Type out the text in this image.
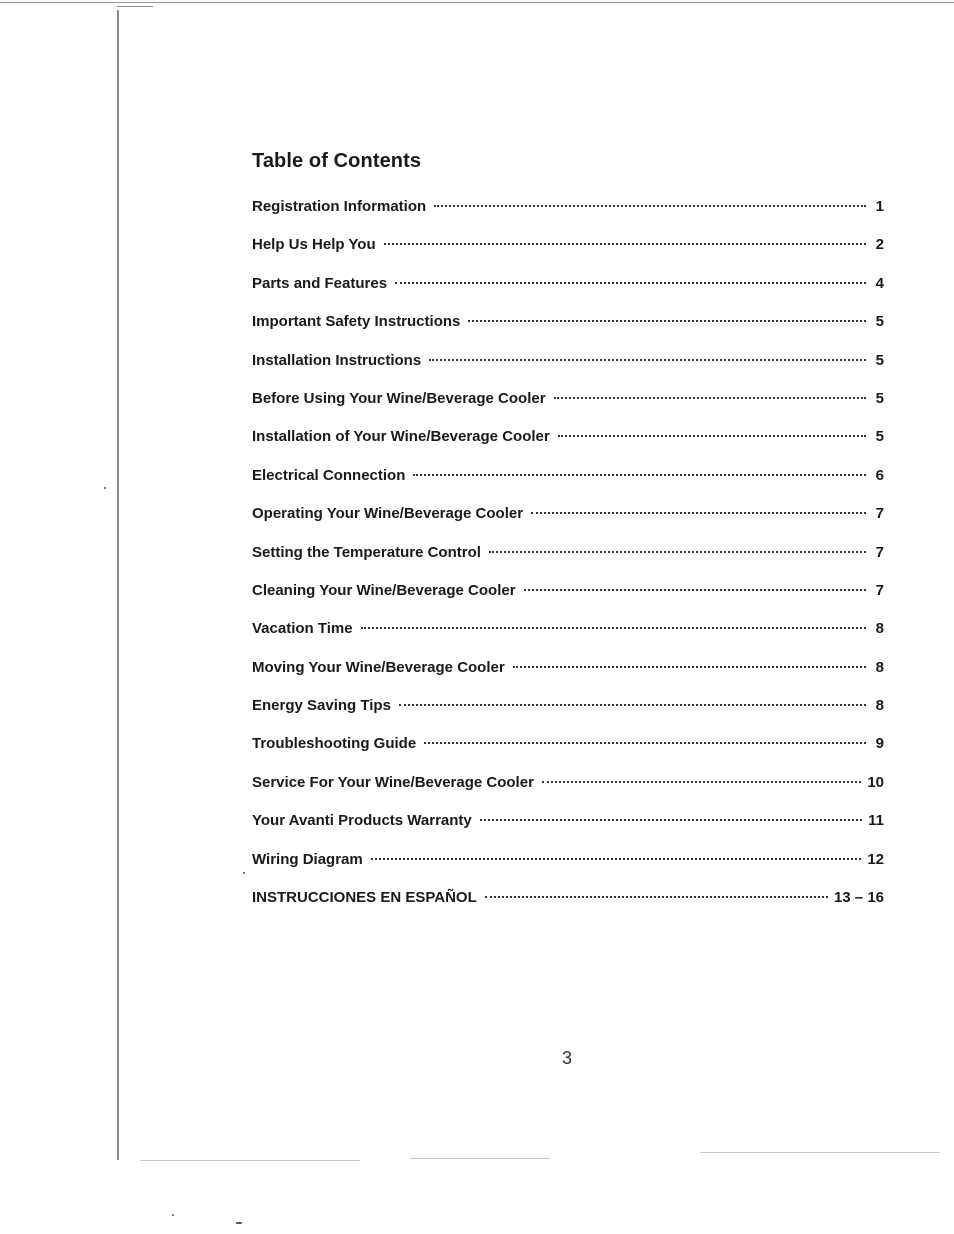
Table of Contents
Registration Information	1
Help Us Help You	2
Parts and Features	4
Important Safety Instructions	5
Installation Instructions	5
Before Using Your Wine/Beverage Cooler	5
Installation of Your Wine/Beverage Cooler	5
Electrical Connection	6
Operating Your Wine/Beverage Cooler	7
Setting the Temperature Control	7
Cleaning Your Wine/Beverage Cooler	7
Vacation Time	8
Moving Your Wine/Beverage Cooler	8
Energy Saving Tips	8
Troubleshooting Guide	9
Service For Your Wine/Beverage Cooler	10
Your Avanti Products Warranty	11
Wiring Diagram	12
INSTRUCCIONES EN ESPAÑOL	13 – 16
3
